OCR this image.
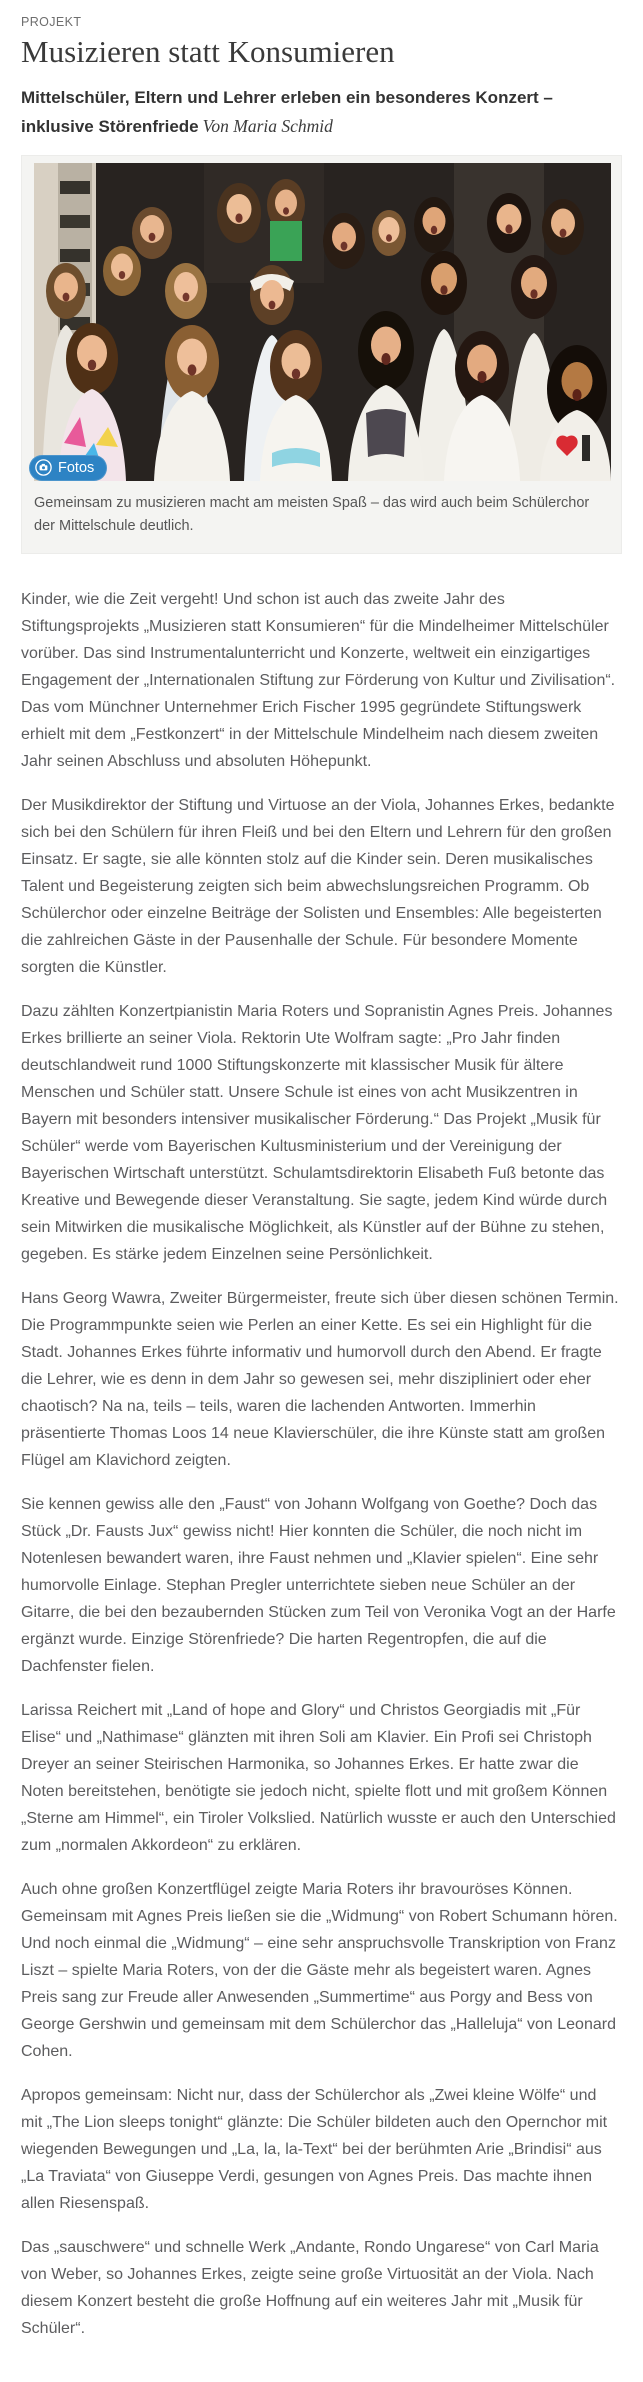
PROJEKT
Musizieren statt Konsumieren

Mittelschüler, Eltern und Lehrer erleben ein besonderes Konzert – inklusive Störenfriede Von Maria Schmid

Fotos
Gemeinsam zu musizieren macht am meisten Spaß – das wird auch beim Schülerchor der Mittelschule deutlich.

Kinder, wie die Zeit vergeht! Und schon ist auch das zweite Jahr des Stiftungsprojekts „Musizieren statt Konsumieren“ für die Mindelheimer Mittelschüler vorüber. Das sind Instrumentalunterricht und Konzerte, weltweit ein einzigartiges Engagement der „Internationalen Stiftung zur Förderung von Kultur und Zivilisation“. Das vom Münchner Unternehmer Erich Fischer 1995 gegründete Stiftungswerk erhielt mit dem „Festkonzert“ in der Mittelschule Mindelheim nach diesem zweiten Jahr seinen Abschluss und absoluten Höhepunkt.

Der Musikdirektor der Stiftung und Virtuose an der Viola, Johannes Erkes, bedankte sich bei den Schülern für ihren Fleiß und bei den Eltern und Lehrern für den großen Einsatz. Er sagte, sie alle könnten stolz auf die Kinder sein. Deren musikalisches Talent und Begeisterung zeigten sich beim abwechslungsreichen Programm. Ob Schülerchor oder einzelne Beiträge der Solisten und Ensembles: Alle begeisterten die zahlreichen Gäste in der Pausenhalle der Schule. Für besondere Momente sorgten die Künstler.

Dazu zählten Konzertpianistin Maria Roters und Sopranistin Agnes Preis. Johannes Erkes brillierte an seiner Viola. Rektorin Ute Wolfram sagte: „Pro Jahr finden deutschlandweit rund 1000 Stiftungskonzerte mit klassischer Musik für ältere Menschen und Schüler statt. Unsere Schule ist eines von acht Musikzentren in Bayern mit besonders intensiver musikalischer Förderung.“ Das Projekt „Musik für Schüler“ werde vom Bayerischen Kultusministerium und der Vereinigung der Bayerischen Wirtschaft unterstützt. Schulamtsdirektorin Elisabeth Fuß betonte das Kreative und Bewegende dieser Veranstaltung. Sie sagte, jedem Kind würde durch sein Mitwirken die musikalische Möglichkeit, als Künstler auf der Bühne zu stehen, gegeben. Es stärke jedem Einzelnen seine Persönlichkeit.

Hans Georg Wawra, Zweiter Bürgermeister, freute sich über diesen schönen Termin. Die Programmpunkte seien wie Perlen an einer Kette. Es sei ein Highlight für die Stadt. Johannes Erkes führte informativ und humorvoll durch den Abend. Er fragte die Lehrer, wie es denn in dem Jahr so gewesen sei, mehr diszipliniert oder eher chaotisch? Na na, teils – teils, waren die lachenden Antworten. Immerhin präsentierte Thomas Loos 14 neue Klavierschüler, die ihre Künste statt am großen Flügel am Klavichord zeigten.

Sie kennen gewiss alle den „Faust“ von Johann Wolfgang von Goethe? Doch das Stück „Dr. Fausts Jux“ gewiss nicht! Hier konnten die Schüler, die noch nicht im Notenlesen bewandert waren, ihre Faust nehmen und „Klavier spielen“. Eine sehr humorvolle Einlage. Stephan Pregler unterrichtete sieben neue Schüler an der Gitarre, die bei den bezaubernden Stücken zum Teil von Veronika Vogt an der Harfe ergänzt wurde. Einzige Störenfriede? Die harten Regentropfen, die auf die Dachfenster fielen.

Larissa Reichert mit „Land of hope and Glory“ und Christos Georgiadis mit „Für Elise“ und „Nathimase“ glänzten mit ihren Soli am Klavier. Ein Profi sei Christoph Dreyer an seiner Steirischen Harmonika, so Johannes Erkes. Er hatte zwar die Noten bereitstehen, benötigte sie jedoch nicht, spielte flott und mit großem Können „Sterne am Himmel“, ein Tiroler Volkslied. Natürlich wusste er auch den Unterschied zum „normalen Akkordeon“ zu erklären.

Auch ohne großen Konzertflügel zeigte Maria Roters ihr bravouröses Können. Gemeinsam mit Agnes Preis ließen sie die „Widmung“ von Robert Schumann hören. Und noch einmal die „Widmung“ – eine sehr anspruchsvolle Transkription von Franz Liszt – spielte Maria Roters, von der die Gäste mehr als begeistert waren. Agnes Preis sang zur Freude aller Anwesenden „Summertime“ aus Porgy and Bess von George Gershwin und gemeinsam mit dem Schülerchor das „Halleluja“ von Leonard Cohen.

Apropos gemeinsam: Nicht nur, dass der Schülerchor als „Zwei kleine Wölfe“ und mit „The Lion sleeps tonight“ glänzte: Die Schüler bildeten auch den Opernchor mit wiegenden Bewegungen und „La, la, la-Text“ bei der berühmten Arie „Brindisi“ aus „La Traviata“ von Giuseppe Verdi, gesungen von Agnes Preis. Das machte ihnen allen Riesenspaß.

Das „sauschwere“ und schnelle Werk „Andante, Rondo Ungarese“ von Carl Maria von Weber, so Johannes Erkes, zeigte seine große Virtuosität an der Viola. Nach diesem Konzert besteht die große Hoffnung auf ein weiteres Jahr mit „Musik für Schüler“.
